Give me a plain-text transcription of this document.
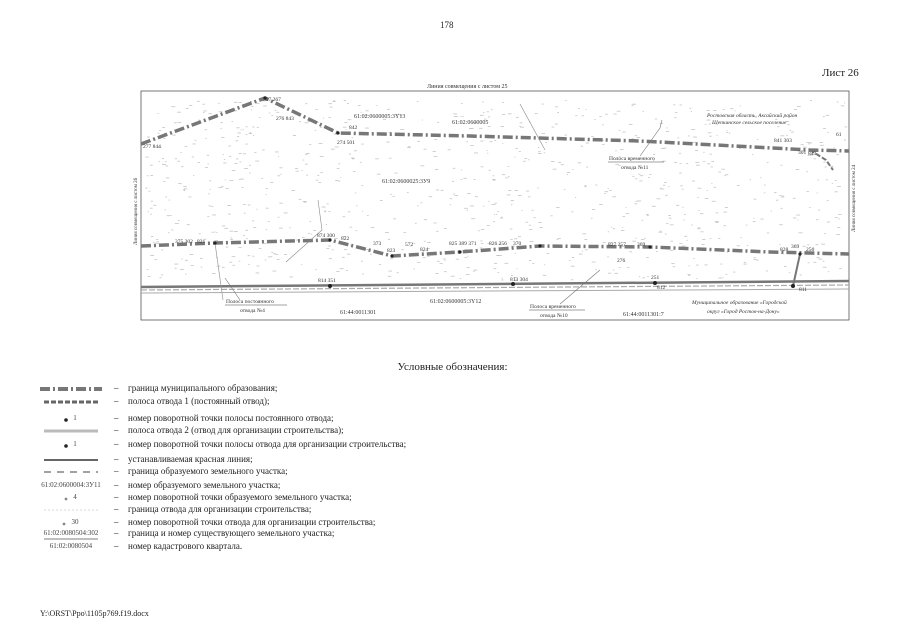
178
Лист 26
Линия совмещения с листом 25
Линия совмещения с листом 26	Линия совмещения с листом 24
Ростовская область, Аксайский район
Щепкинское сельское поселение
Муниципальное образование «Городской
округ «Город Ростов-на-Дону»
61:02:0600005:3Y13
61:02:0600005
61:02:0600025:3У9
61:02:0600005:3Y12
61:44:0011301	61:44:0011301:7
Полоса временного
отвода №11
Полоса постоянного
отвода №4
Полоса временного
отвода №10
277 844
367 267
276 843
842
274 501	841 303
843
301
61
375 302 821
874 300 822
373	572
823	824
825 389 371 826 256 370	827 257 369
828 369 256
814 351	813 304
812	811
276
251
Условные обозначения:
– граница муниципального образования;
– полоса отвода 1 (постоянный отвод);
1	– номер поворотной точки полосы постоянного отвода;
– полоса отвода 2 (отвод для организации строительства);
1	– номер поворотной точки полосы отвода для организации строительства;
– устанавливаемая красная линия;
– граница образуемого земельного участка;
61:02:0600004:3У11	– номер образуемого земельного участка;
4	– номер поворотной точки образуемого земельного участка;
– граница отвода для организации строительства;
30	– номер поворотной точки отвода для организации строительства;
61:02:0080504:302	– граница и номер существующего земельного участка;
61:02:0080504	– номер кадастрового квартала.
Y:\ORST\Ppo\1105p769.f19.docx
